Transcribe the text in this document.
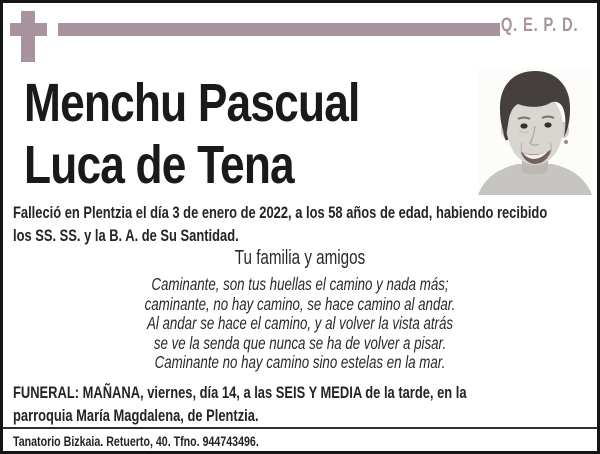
Q. E. P. D.
Menchu Pascual
Luca de Tena
Falleció en Plentzia el día 3 de enero de 2022, a los 58 años de edad, habiendo recibido
los SS. SS. y la B. A. de Su Santidad.
Tu familia y amigos
Caminante, son tus huellas el camino y nada más;
caminante, no hay camino, se hace camino al andar.
Al andar se hace el camino, y al volver la vista atrás
se ve la senda que nunca se ha de volver a pisar.
Caminante no hay camino sino estelas en la mar.
FUNERAL: MAÑANA, viernes, día 14, a las SEIS Y MEDIA de la tarde, en la
parroquia María Magdalena, de Plentzia.
Tanatorio Bizkaia. Retuerto, 40. Tfno. 944743496.
